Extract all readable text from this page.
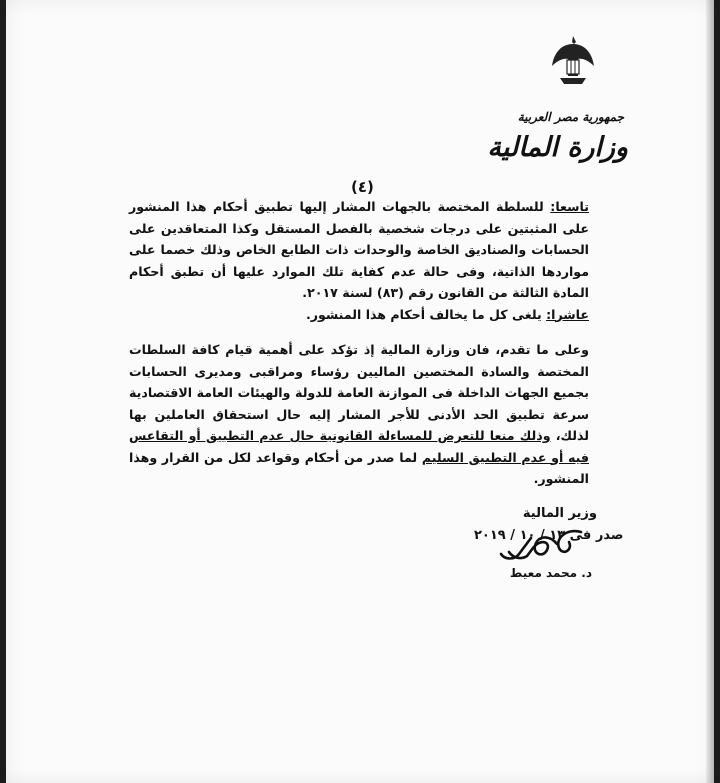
جمهورية مصر العربية
وزارة المالية
(٤)

تاسعا: للسلطة المختصة بالجهات المشار إليها تطبيق أحكام هذا المنشور على المثبتين على درجات شخصية بالفصل المستقل وكذا المتعاقدين على الحسابات والصناديق الخاصة والوحدات ذات الطابع الخاص وذلك خصما على مواردها الذاتية، وفى حالة عدم كفاية تلك الموارد عليها أن تطبق أحكام المادة الثالثة من القانون رقم (٨٣) لسنة ٢٠١٧.

عاشرا: يلغى كل ما يخالف أحكام هذا المنشور.

وعلى ما تقدم، فان وزارة المالية إذ تؤكد على أهمية قيام كافة السلطات المختصة والسادة المختصين الماليين رؤساء ومراقبى ومديرى الحسابات بجميع الجهات الداخلة فى الموازنة العامة للدولة والهيئات العامة الاقتصادية سرعة تطبيق الحد الأدنى للأجر المشار إليه حال استحقاق العاملين بها لذلك، وذلك منعا للتعرض للمساءلة القانونية حال عدم التطبيق أو التقاعس فيه أو عدم التطبيق السليم لما صدر من أحكام وقواعد لكل من القرار وهذا المنشور.

وزير المالية
د. محمد معيط
صدر فى ١٣ / ١٠ / ٢٠١٩
